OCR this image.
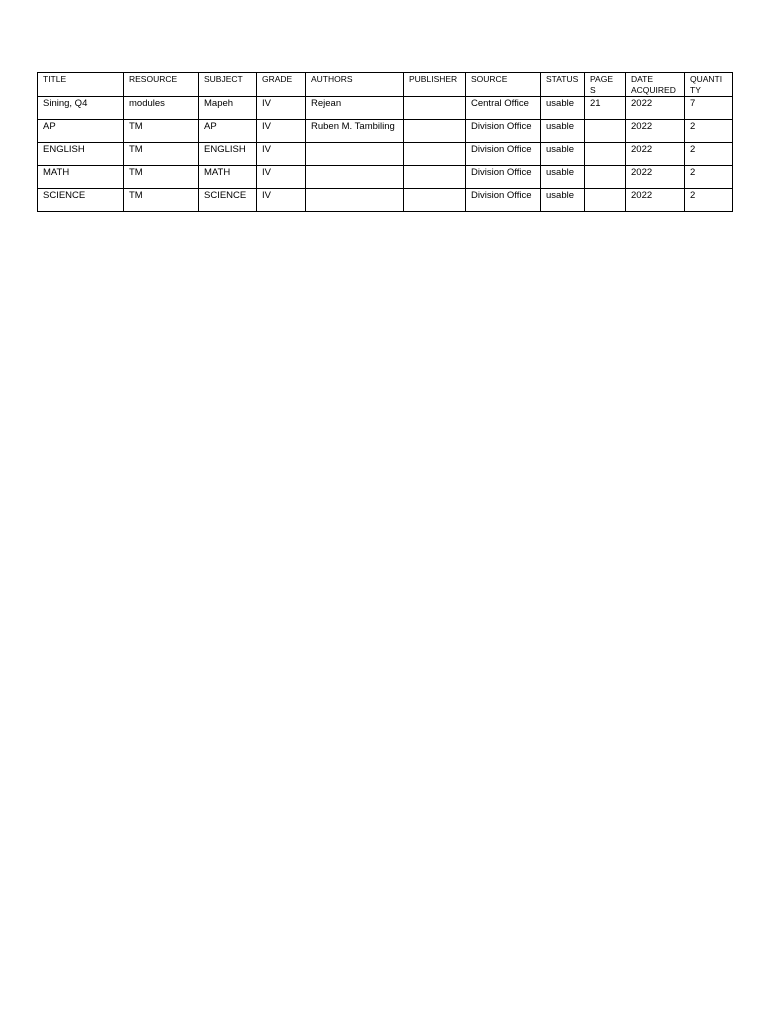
TITLE	RESOURCE	SUBJECT	GRADE	AUTHORS	PUBLISHER	SOURCE	STATUS	PAGE S	DATE ACQUIRED	QUANTI TY
Sining, Q4	modules	Mapeh	IV	Rejean		Central Office	usable	21	2022	7
AP	TM	AP	IV	Ruben M. Tambiling		Division Office	usable		2022	2
ENGLISH	TM	ENGLISH	IV			Division Office	usable		2022	2
MATH	TM	MATH	IV			Division Office	usable		2022	2
SCIENCE	TM	SCIENCE	IV			Division Office	usable		2022	2
